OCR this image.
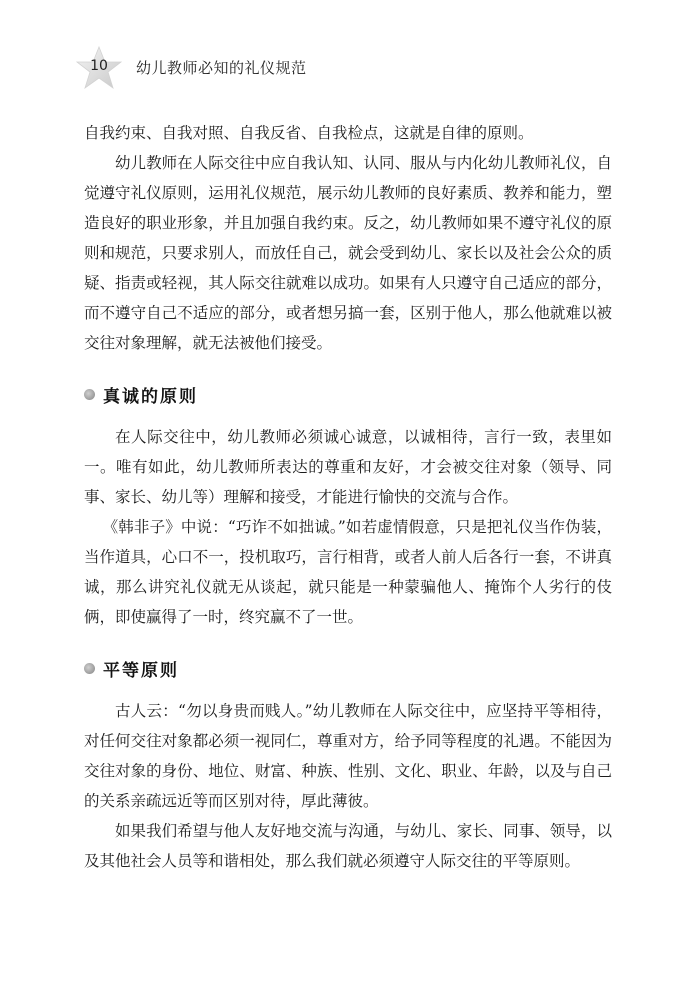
10	幼儿教师必知的礼仪规范

自我约束、自我对照、自我反省、自我检点，这就是自律的原则。

幼儿教师在人际交往中应自我认知、认同、服从与内化幼儿教师礼仪，自觉遵守礼仪原则，运用礼仪规范，展示幼儿教师的良好素质、教养和能力，塑造良好的职业形象，并且加强自我约束。反之，幼儿教师如果不遵守礼仪的原则和规范，只要求别人，而放任自己，就会受到幼儿、家长以及社会公众的质疑、指责或轻视，其人际交往就难以成功。如果有人只遵守自己适应的部分，而不遵守自己不适应的部分，或者想另搞一套，区别于他人，那么他就难以被交往对象理解，就无法被他们接受。

真诚的原则

在人际交往中，幼儿教师必须诚心诚意，以诚相待，言行一致，表里如一。唯有如此，幼儿教师所表达的尊重和友好，才会被交往对象（领导、同事、家长、幼儿等）理解和接受，才能进行愉快的交流与合作。

《韩非子》中说：“巧诈不如拙诚。”如若虚情假意，只是把礼仪当作伪装，当作道具，心口不一，投机取巧，言行相背，或者人前人后各行一套，不讲真诚，那么讲究礼仪就无从谈起，就只能是一种蒙骗他人、掩饰个人劣行的伎俩，即使赢得了一时，终究赢不了一世。

平等原则

古人云：“勿以身贵而贱人。”幼儿教师在人际交往中，应坚持平等相待，对任何交往对象都必须一视同仁，尊重对方，给予同等程度的礼遇。不能因为交往对象的身份、地位、财富、种族、性别、文化、职业、年龄，以及与自己的关系亲疏远近等而区别对待，厚此薄彼。

如果我们希望与他人友好地交流与沟通，与幼儿、家长、同事、领导，以及其他社会人员等和谐相处，那么我们就必须遵守人际交往的平等原则。
